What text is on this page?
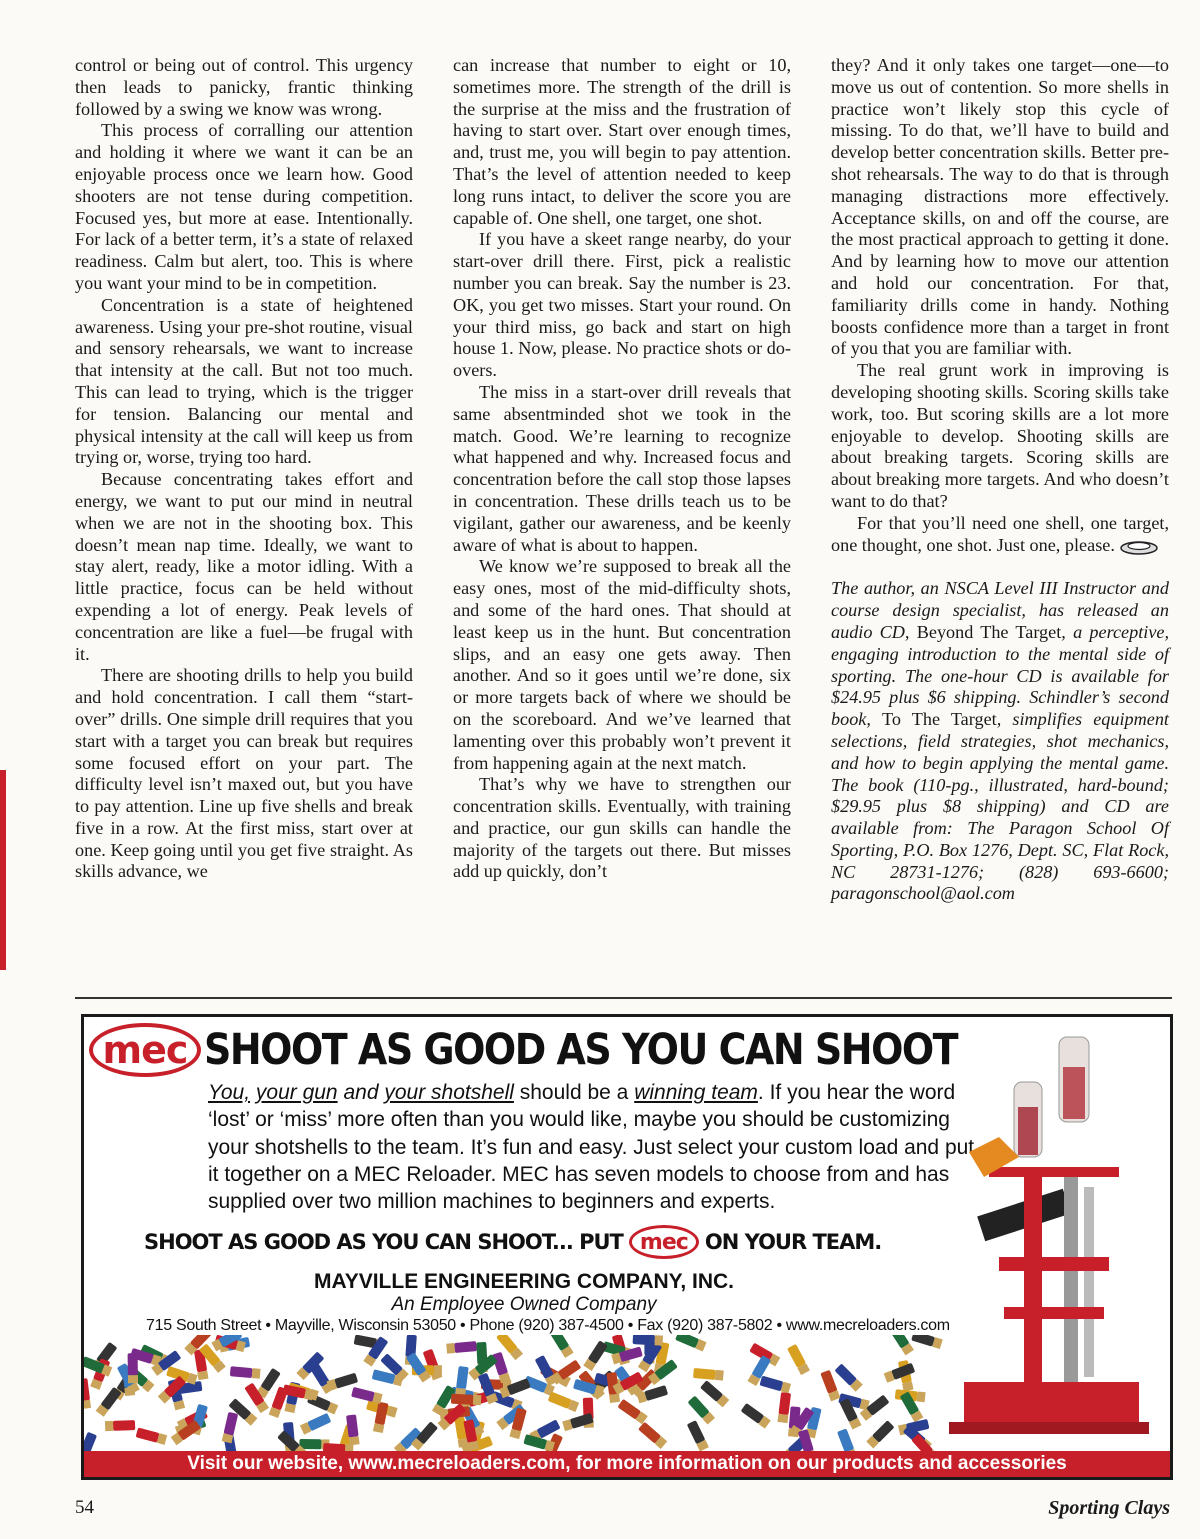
control or being out of control. This urgency then leads to panicky, frantic thinking followed by a swing we know was wrong.

This process of corralling our attention and holding it where we want it can be an enjoyable process once we learn how. Good shooters are not tense during competition. Focused yes, but more at ease. Intentionally. For lack of a better term, it’s a state of relaxed readiness. Calm but alert, too. This is where you want your mind to be in competition.

Concentration is a state of heightened awareness. Using your pre-shot routine, visual and sensory rehearsals, we want to increase that intensity at the call. But not too much. This can lead to trying, which is the trigger for tension. Balancing our mental and physical intensity at the call will keep us from trying or, worse, trying too hard.

Because concentrating takes effort and energy, we want to put our mind in neutral when we are not in the shooting box. This doesn’t mean nap time. Ideally, we want to stay alert, ready, like a motor idling. With a little practice, focus can be held without expending a lot of energy. Peak levels of concentration are like a fuel—be frugal with it.

There are shooting drills to help you build and hold concentration. I call them “start-over” drills. One simple drill requires that you start with a target you can break but requires some focused effort on your part. The difficulty level isn’t maxed out, but you have to pay attention. Line up five shells and break five in a row. At the first miss, start over at one. Keep going until you get five straight. As skills advance, we

can increase that number to eight or 10, sometimes more. The strength of the drill is the surprise at the miss and the frustration of having to start over. Start over enough times, and, trust me, you will begin to pay attention. That’s the level of attention needed to keep long runs intact, to deliver the score you are capable of. One shell, one target, one shot.

If you have a skeet range nearby, do your start-over drill there. First, pick a realistic number you can break. Say the number is 23. OK, you get two misses. Start your round. On your third miss, go back and start on high house 1. Now, please. No practice shots or do-overs.

The miss in a start-over drill reveals that same absentminded shot we took in the match. Good. We’re learning to recognize what happened and why. Increased focus and concentration before the call stop those lapses in concentration. These drills teach us to be vigilant, gather our awareness, and be keenly aware of what is about to happen.

We know we’re supposed to break all the easy ones, most of the mid-difficulty shots, and some of the hard ones. That should at least keep us in the hunt. But concentration slips, and an easy one gets away. Then another. And so it goes until we’re done, six or more targets back of where we should be on the scoreboard. And we’ve learned that lamenting over this probably won’t prevent it from happening again at the next match.

That’s why we have to strengthen our concentration skills. Eventually, with training and practice, our gun skills can handle the majority of the targets out there. But misses add up quickly, don’t

they? And it only takes one target—one—to move us out of contention. So more shells in practice won’t likely stop this cycle of missing. To do that, we’ll have to build and develop better concentration skills. Better pre-shot rehearsals. The way to do that is through managing distractions more effectively. Acceptance skills, on and off the course, are the most practical approach to getting it done. And by learning how to move our attention and hold our concentration. For that, familiarity drills come in handy. Nothing boosts confidence more than a target in front of you that you are familiar with.

The real grunt work in improving is developing shooting skills. Scoring skills take work, too. But scoring skills are a lot more enjoyable to develop. Shooting skills are about breaking targets. Scoring skills are about breaking more targets. And who doesn’t want to do that?

For that you’ll need one shell, one target, one thought, one shot. Just one, please.

The author, an NSCA Level III Instructor and course design specialist, has released an audio CD, Beyond The Target, a perceptive, engaging introduction to the mental side of sporting. The one-hour CD is available for $24.95 plus $6 shipping. Schindler’s second book, To The Target, simplifies equipment selections, field strategies, shot mechanics, and how to begin applying the mental game. The book (110-pg., illustrated, hard-bound; $29.95 plus $8 shipping) and CD are available from: The Paragon School Of Sporting, P.O. Box 1276, Dept. SC, Flat Rock, NC 28731-1276; (828) 693-6600; paragonschool@aol.com

mec SHOOT AS GOOD AS YOU CAN SHOOT
You, your gun and your shotshell should be a winning team. If you hear the word ‘lost’ or ‘miss’ more often than you would like, maybe you should be customizing your shotshells to the team. It’s fun and easy. Just select your custom load and put it together on a MEC Reloader. MEC has seven models to choose from and has supplied over two million machines to beginners and experts.
SHOOT AS GOOD AS YOU CAN SHOOT... PUT mec ON YOUR TEAM.
MAYVILLE ENGINEERING COMPANY, INC.
An Employee Owned Company
715 South Street • Mayville, Wisconsin 53050 • Phone (920) 387-4500 • Fax (920) 387-5802 • www.mecreloaders.com
Visit our website, www.mecreloaders.com, for more information on our products and accessories
54	Sporting Clays
